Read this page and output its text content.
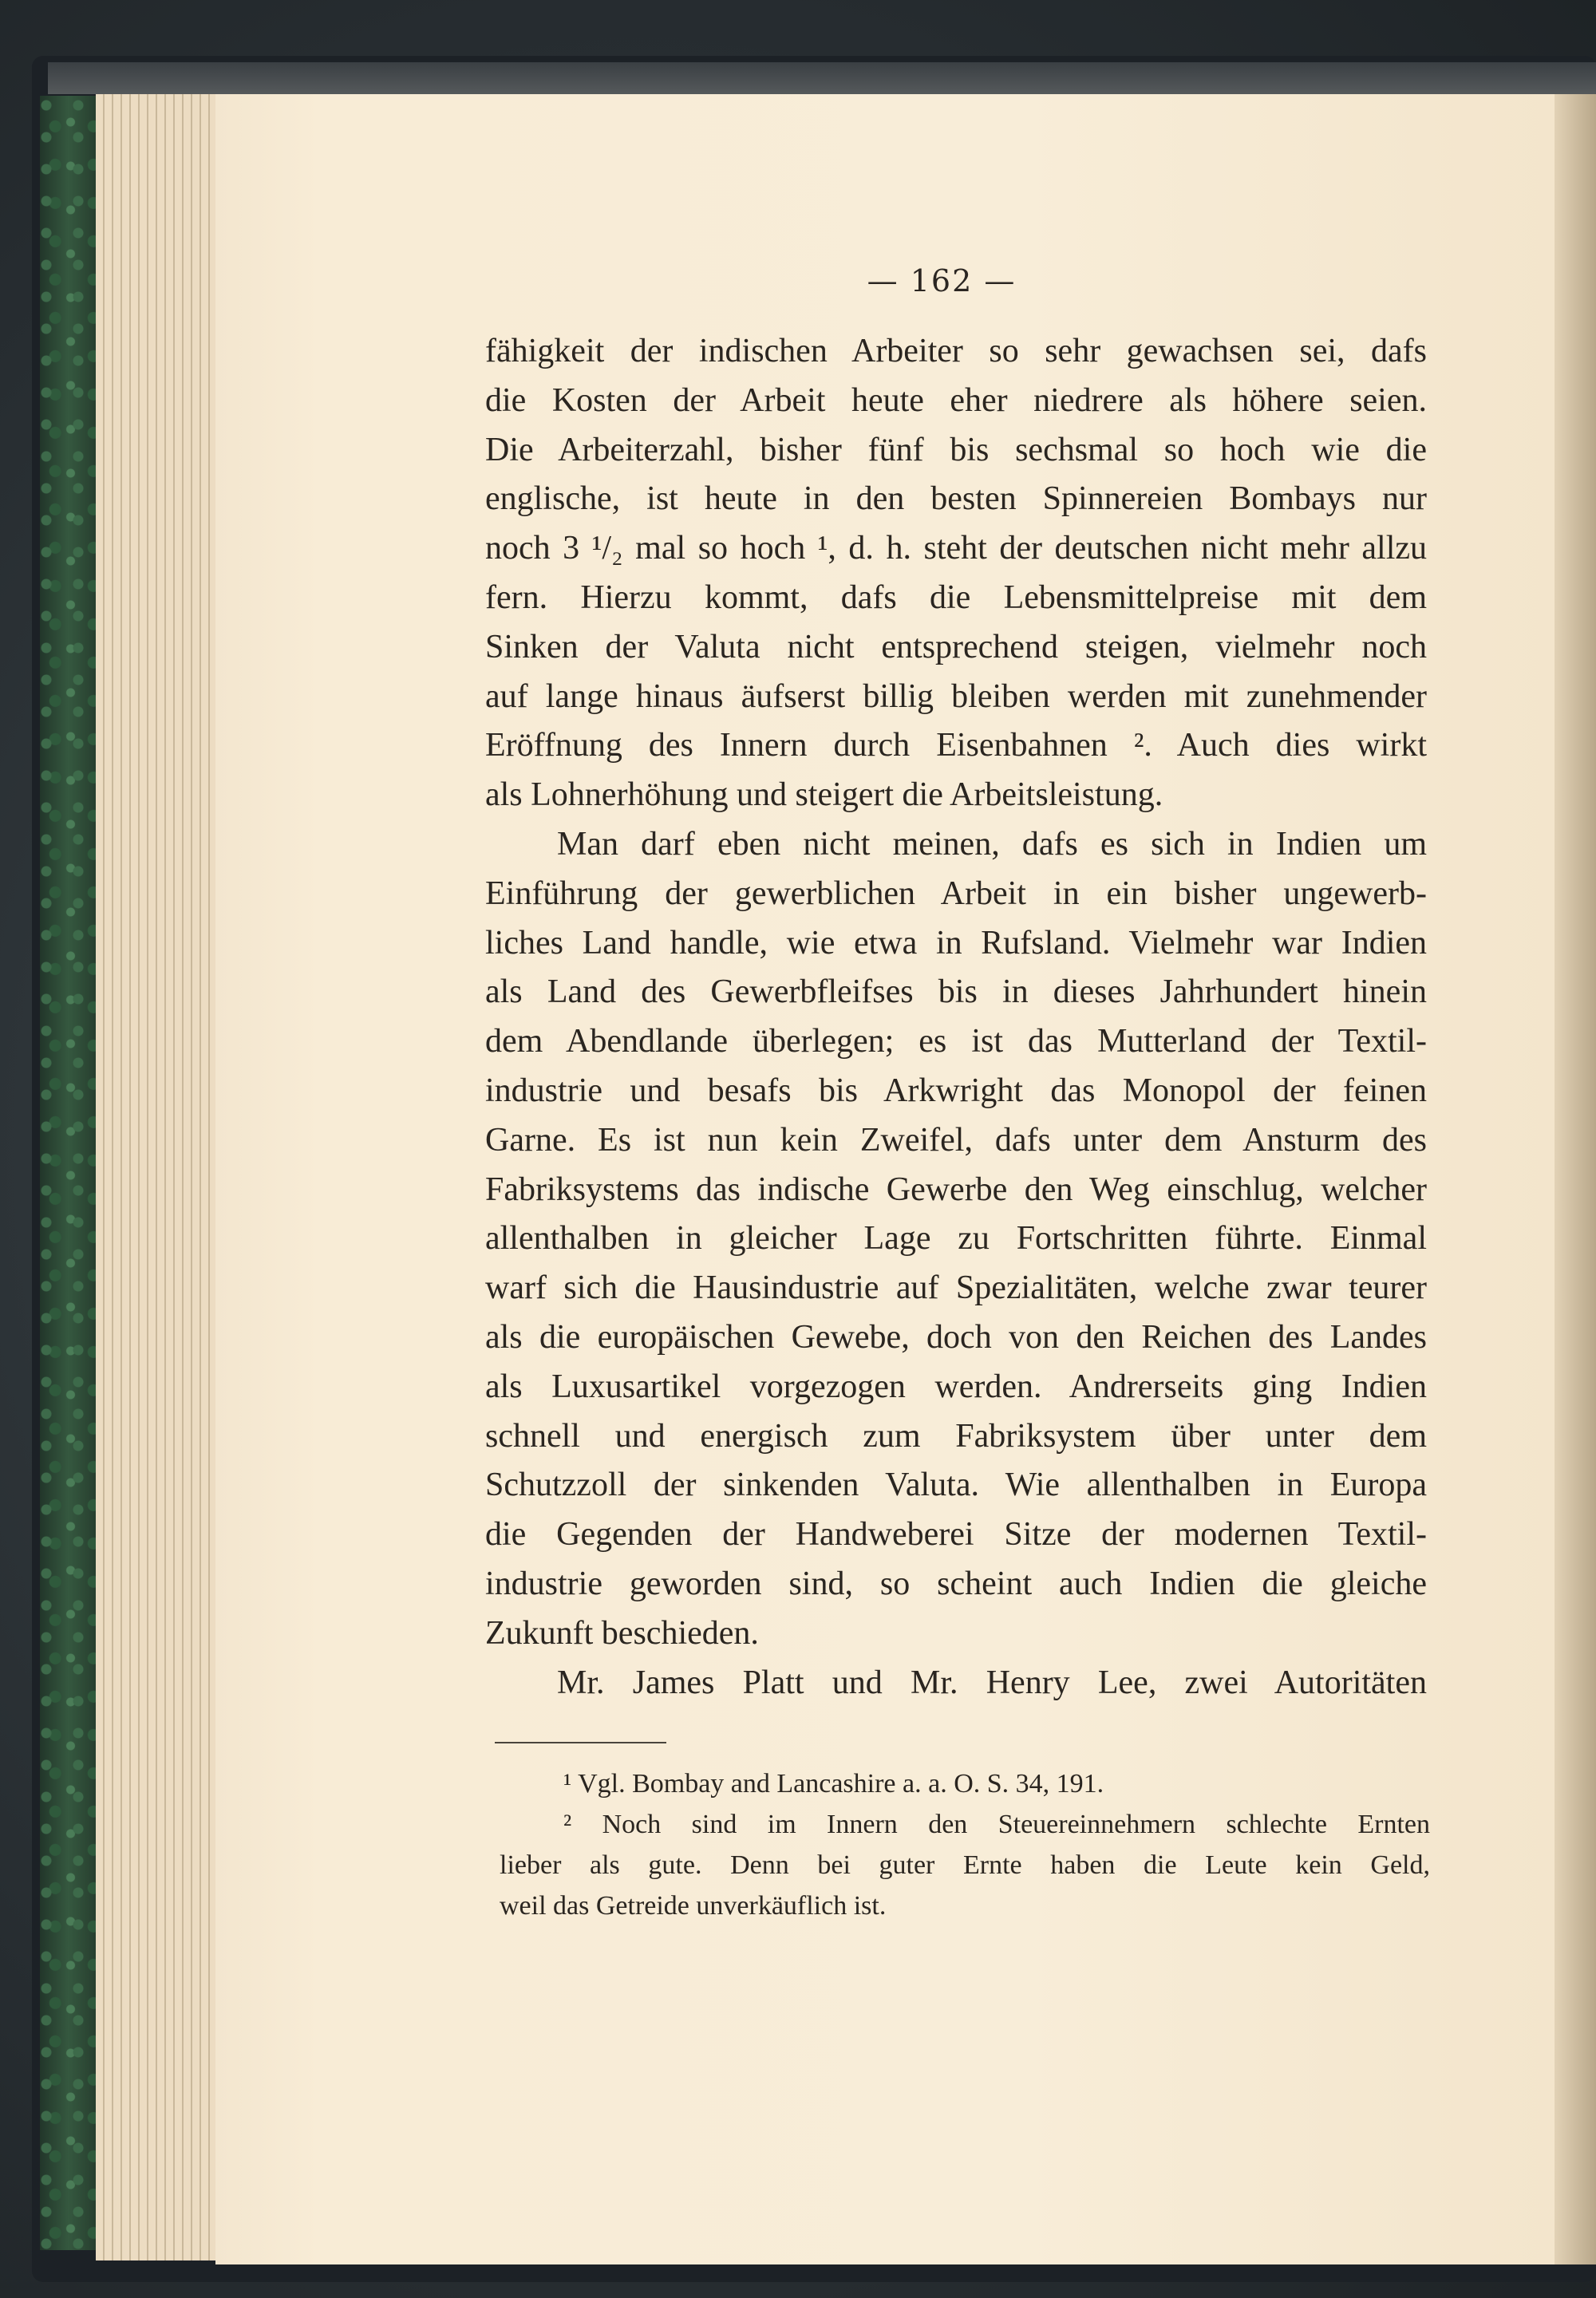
— 162 —
fähigkeit der indischen Arbeiter so sehr gewachsen sei, dafs
die Kosten der Arbeit heute eher niedrere als höhere seien.
Die Arbeiterzahl, bisher fünf bis sechsmal so hoch wie die
englische, ist heute in den besten Spinnereien Bombays nur
noch 3 ¹/₂ mal so hoch ¹, d. h. steht der deutschen nicht mehr allzu
fern. Hierzu kommt, dafs die Lebensmittelpreise mit dem
Sinken der Valuta nicht entsprechend steigen, vielmehr noch
auf lange hinaus äufserst billig bleiben werden mit zunehmender
Eröffnung des Innern durch Eisenbahnen ². Auch dies wirkt
als Lohnerhöhung und steigert die Arbeitsleistung.
Man darf eben nicht meinen, dafs es sich in Indien um
Einführung der gewerblichen Arbeit in ein bisher ungewerb-
liches Land handle, wie etwa in Rufsland. Vielmehr war Indien
als Land des Gewerbfleifses bis in dieses Jahrhundert hinein
dem Abendlande überlegen; es ist das Mutterland der Textil-
industrie und besafs bis Arkwright das Monopol der feinen
Garne. Es ist nun kein Zweifel, dafs unter dem Ansturm des
Fabriksystems das indische Gewerbe den Weg einschlug, welcher
allenthalben in gleicher Lage zu Fortschritten führte. Einmal
warf sich die Hausindustrie auf Spezialitäten, welche zwar teurer
als die europäischen Gewebe, doch von den Reichen des Landes
als Luxusartikel vorgezogen werden. Andrerseits ging Indien
schnell und energisch zum Fabriksystem über unter dem
Schutzzoll der sinkenden Valuta. Wie allenthalben in Europa
die Gegenden der Handweberei Sitze der modernen Textil-
industrie geworden sind, so scheint auch Indien die gleiche
Zukunft beschieden.
Mr. James Platt und Mr. Henry Lee, zwei Autoritäten
¹ Vgl. Bombay and Lancashire a. a. O. S. 34, 191.
² Noch sind im Innern den Steuereinnehmern schlechte Ernten
lieber als gute. Denn bei guter Ernte haben die Leute kein Geld,
weil das Getreide unverkäuflich ist.
